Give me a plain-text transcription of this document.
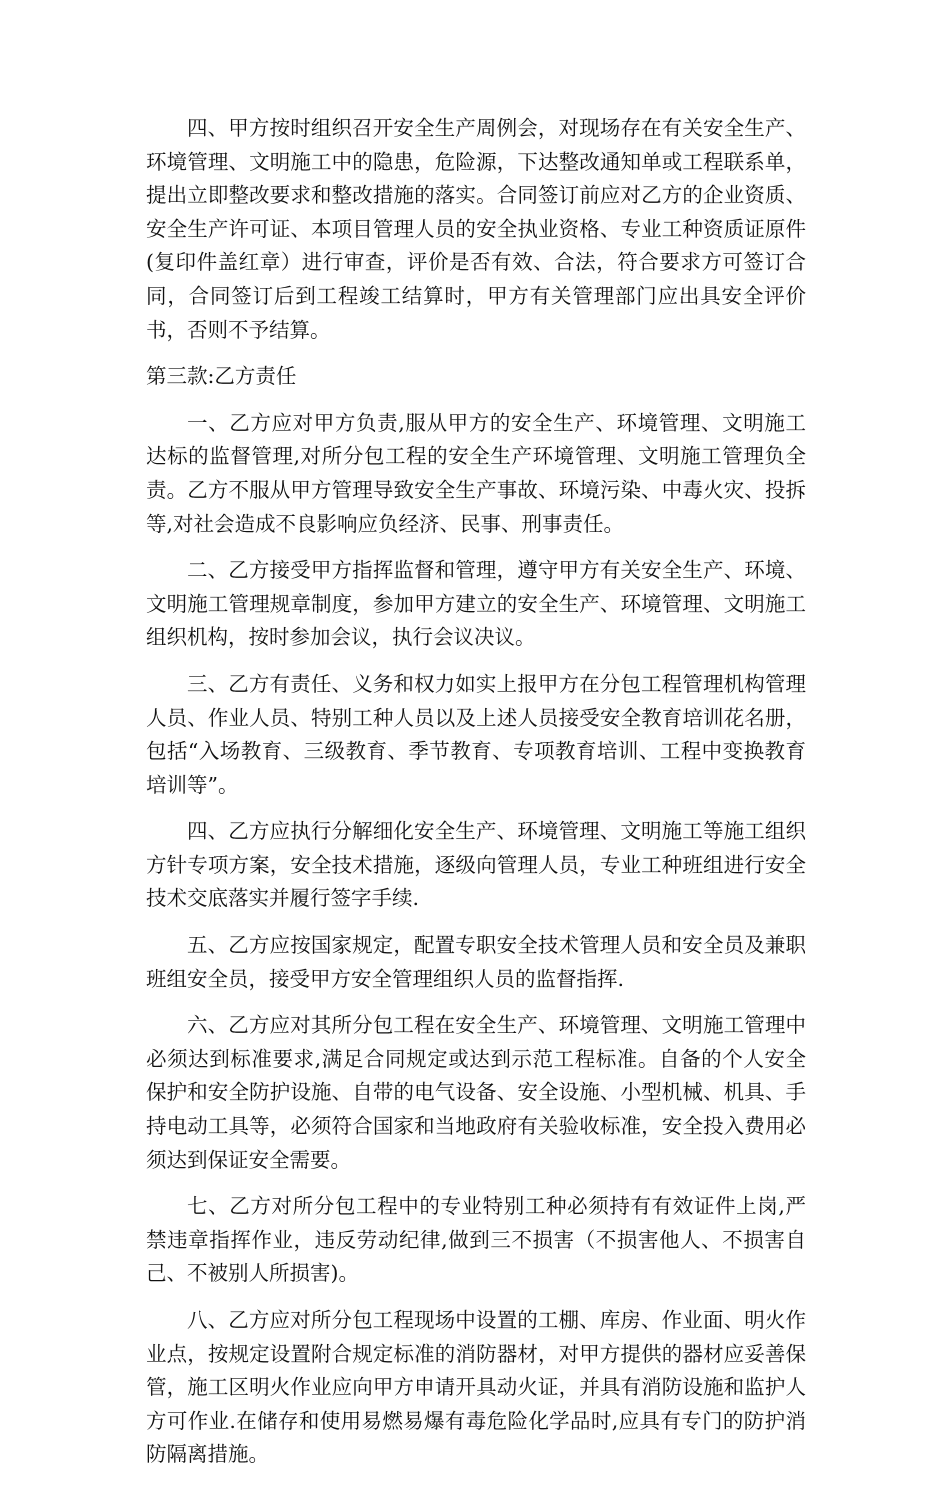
四、甲方按时组织召开安全生产周例会，对现场存在有关安全生产、环境管理、文明施工中的隐患，危险源，下达整改通知单或工程联系单，提出立即整改要求和整改措施的落实。合同签订前应对乙方的企业资质、安全生产许可证、本项目管理人员的安全执业资格、专业工种资质证原件(复印件盖红章）进行审查，评价是否有效、合法，符合要求方可签订合同，合同签订后到工程竣工结算时，甲方有关管理部门应出具安全评价书，否则不予结算。

第三款:乙方责任

一、乙方应对甲方负责,服从甲方的安全生产、环境管理、文明施工达标的监督管理,对所分包工程的安全生产环境管理、文明施工管理负全责。乙方不服从甲方管理导致安全生产事故、环境污染、中毒火灾、投拆等,对社会造成不良影响应负经济、民事、刑事责任。

二、乙方接受甲方指挥监督和管理，遵守甲方有关安全生产、环境、文明施工管理规章制度，参加甲方建立的安全生产、环境管理、文明施工组织机构，按时参加会议，执行会议决议。

三、乙方有责任、义务和权力如实上报甲方在分包工程管理机构管理人员、作业人员、特别工种人员以及上述人员接受安全教育培训花名册，包括“入场教育、三级教育、季节教育、专项教育培训、工程中变换教育培训等”。

四、乙方应执行分解细化安全生产、环境管理、文明施工等施工组织方针专项方案，安全技术措施，逐级向管理人员，专业工种班组进行安全技术交底落实并履行签字手续.

五、乙方应按国家规定，配置专职安全技术管理人员和安全员及兼职班组安全员，接受甲方安全管理组织人员的监督指挥.

六、乙方应对其所分包工程在安全生产、环境管理、文明施工管理中必须达到标准要求,满足合同规定或达到示范工程标准。自备的个人安全保护和安全防护设施、自带的电气设备、安全设施、小型机械、机具、手持电动工具等，必须符合国家和当地政府有关验收标准，安全投入费用必须达到保证安全需要。

七、乙方对所分包工程中的专业特别工种必须持有有效证件上岗,严禁违章指挥作业，违反劳动纪律,做到三不损害（不损害他人、不损害自己、不被别人所损害)。

八、乙方应对所分包工程现场中设置的工棚、库房、作业面、明火作业点，按规定设置附合规定标准的消防器材，对甲方提供的器材应妥善保管，施工区明火作业应向甲方申请开具动火证，并具有消防设施和监护人方可作业.在储存和使用易燃易爆有毒危险化学品时,应具有专门的防护消防隔离措施。
